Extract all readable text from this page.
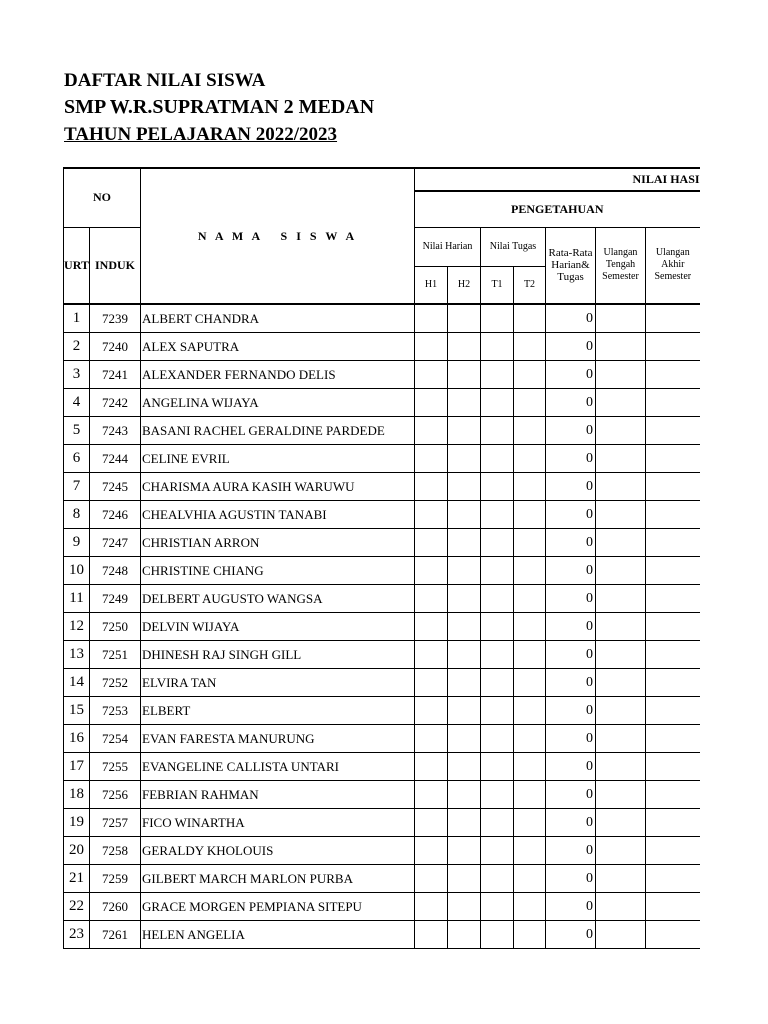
DAFTAR NILAI SISWA
SMP W.R.SUPRATMAN 2 MEDAN
TAHUN PELAJARAN 2022/2023
NO		N A M A   S I S W A	NILAI HASI						
			PENGETAHUAN						
URT	INDUK		Nilai Harian		Nilai Tugas		Rata-Rata Harian& Tugas	Ulangan Tengah Semester	Ulangan Akhir Semester
			H1	H2	T1	T2			
1	7239	ALBERT CHANDRA					0		
2	7240	ALEX SAPUTRA					0		
3	7241	ALEXANDER FERNANDO DELIS					0		
4	7242	ANGELINA WIJAYA					0		
5	7243	BASANI RACHEL GERALDINE PARDEDE					0		
6	7244	CELINE EVRIL					0		
7	7245	CHARISMA AURA KASIH WARUWU					0		
8	7246	CHEALVHIA AGUSTIN TANABI					0		
9	7247	CHRISTIAN ARRON					0		
10	7248	CHRISTINE CHIANG					0		
11	7249	DELBERT AUGUSTO WANGSA					0		
12	7250	DELVIN WIJAYA					0		
13	7251	DHINESH RAJ SINGH GILL					0		
14	7252	ELVIRA TAN					0		
15	7253	ELBERT					0		
16	7254	EVAN FARESTA MANURUNG					0		
17	7255	EVANGELINE CALLISTA UNTARI					0		
18	7256	FEBRIAN RAHMAN					0		
19	7257	FICO WINARTHA					0		
20	7258	GERALDY KHOLOUIS					0		
21	7259	GILBERT MARCH MARLON PURBA					0		
22	7260	GRACE MORGEN PEMPIANA SITEPU					0		
23	7261	HELEN ANGELIA					0		
